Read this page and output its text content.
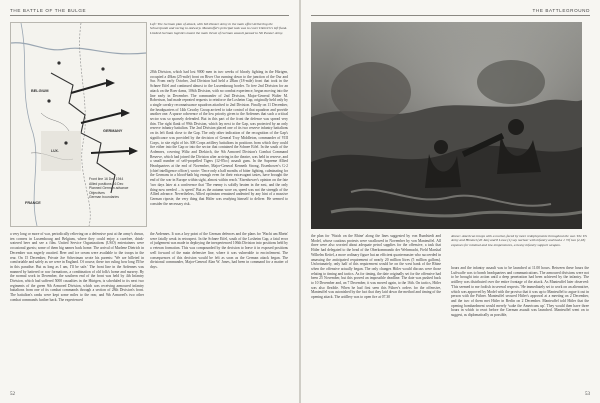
THE BATTLE OF THE BULGE
BELGIUM
GERMANY
LUX.
FRANCE
Front line 16 Dec 1944
Allied positions 16 Dec
Planned German advance
Objectives
German boundaries
Left: The German plan of attack, with 6th Panzer Army in the main effort delivering the Schwerpunkt and racing to Antwerp. Manteuffel's principal task was to cover Dietrich's left flank. Limited German logistics meant the main thrust of German assault passed to 5th Panzer Army.
28th Division, which had lost 9000 men in two weeks of bloody fighting in the Hürtgen, occupied a 40km (25-mile) front on River Our running down to the junction of the Our and Sur. From early October, 2nd Division had held a 28km (18-mile) front that took in the Schnee Eifel and continued almost to the Luxembourg border. To free 2nd Division for an attack on the Roer dams, 106th Division, with no combat experience, began moving into the line early in December. The commander of 2nd Division, Major-General Walter M. Robertson, had made repeated requests to reinforce the Losheim Gap, originally held only by a single cavalry reconnaissance squadron attached to 2nd Division. Finally on 11 December, the headquarters of 14th Cavalry Group arrived to take control of that squadron and provide another one. A sparse coherence of the low priority given to the Ardennes that such a critical sector was so sparsely defended. But in this part of the front the defence was spread very thin. The right flank of 99th Division, which lay next to the Gap, was protected by an only reserve infantry battalion. The 2nd Division placed one of its two reserve infantry battalions on its left flank close to the Gap. The only other indication of the recognition of the Gap's significance was provided by the decision of General Troy Middleton, commander of VIII Corps, to site eight of his 308 Corps artillery battalions in positions from which they could fire either into the Gap or into the sector that contained the Schnee Eifel. In the south of the Ardennes, covering Wiltz and Diekirch, the 9th Armored Division's Combat Command Reserve, which had joined the Division after arriving in the theatre, was held in reserve, and a small number of self-propelled Tigers (12-85cc) assault guns. In the Supreme Allied Headquarters at the end of November, Major-General Kenneth Strong, Eisenhower's G-2 (chief intelligence officer), wrote: 'Once only a half months of bitter fighting, culminating for the Germans in a blood-bath big enough even for their extravagant tastes, have brought the end of the war in Europe within sight, almost within reach.' Eisenhower's opinion on the fate 'two days later at a conference that 'The enemy is solidly beaten in the east, and the only thing now needed ... is speed.' But as the autumn wore on, speed was not the strength of the Allied advance. Nevertheless, Allied optimism remained undented by any hint of a massive German riposte, the very thing that Hitler was readying himself to deliver. He seemed to consider the necessary risk.
a very long or more of war, periodically relieving on a defensive post at the army's drawn, ten corners in Luxembourg and Belgium, where they could enjoy a carefree, drink-watered beer and see a film. United Service Organizations (USO) entertainers were occasional guests; some of them big names back home. The arrival of Marlene Dietrich in December was eagerly awaited. Beer and ice cream were available to the troops in the rear. On 15 December, Private Joe Schectman wrote his parents: 'We are billeted in comfortable and safely as we were in England. Of course, these two ruling how long I'll be in this paradise. But as long as I am, I'll be safe.' The front line in the Ardennes was manned by battered or raw formations, a combination of old folk's home and nursery. By the normal work in December, the southern end of the front was held by 4th Infantry Division, which had suffered 5000 casualties in the Hürtgen, is scheduled to its next two regiments of the green 9th Armored Division, which was receiving armoured infantry battalions from one of its combat commands through a section of 28th Division's front. The battalion's ranks were kept some miles to the rear, and 9th Armored's two other combat commands further back. The experienced
the Ardennes. It was a key point of the German defences and the plans for 'Wacht am Rhein' were fatally weak in retrospect. In the Schnee Eifel, south of the Losheim Gap, a fatal error of judgement was made in deploying the inexperienced 106th Division into positions held by a veteran formation. This was compounded by the decision to leave it in exposed positions well forward of the main defensive line, where it was vulnerable to encirclement. The consequences of this decision would be felt as soon as the German attack began. The divisional commander, Major-General Alan W. Jones, had been in command for a matter of days.
52
THE BATTLEGROUND
the plan for 'Watch on the Rhine' along the lines suggested by von Rundstedt and Model, whose cautious protests were swallowed in November by von Manteuffel. All three were also worried about adequate petrol supplies for the offensive, a task that Hitler had delegated to the head of the Oberkommando der Wehrmacht, Field Marshal Wilhelm Keitel, a more ordinary figure but an efficient quartermaster who succeeded in amassing the anticipated requirement of nearly 20 million litres (5 million gallons). Unfortunately, only half of this requirement would be on the west bank of the Rhine when the offensive actually began. The only changes Hitler would discuss were those relating to timing and tactics. As for timing, the date originally set for the offensive had been 25 November, but this proved an impossible deadline. The date was pushed back to 10 December and, on 7 December, it was moved again, to the 16th. On tactics, Hitler was also flexible. When he had first seen this Führer's orders for the offensive, Manteuffel was astonished by the fact that they laid down the method and timing of the opening attack. The artillery was to open fire at 07.30
Above: American troops with a mortar, faced by more redeployments throughout the war. The US Army and Himmel (26 Jan) and 8 Lowe (1) say nuclear with infantry and had a 1 'Of two (2,18) expenses for minimal and low temperatures, a heavy infantry support weapon.
hours and the infantry assault was to be launched at 11.00 hours. Between these hours the Luftwaffe was to bomb headquarters and communications. The armoured divisions were not to be brought into action until a deep penetration had been achieved by the infantry. The artillery was distributed over the entire frontage of the attack. As Manteuffel later observed: 'This seemed to me foolish in several respects.' He immediately set to work on an alternative, which was approved by Model with the proviso that it was up to Manteuffel to argue it out in person with the Führer. Manteuffel secured Hitler's approval at a meeting on 2 December, and the two of them met Hitler in Berlin on 2 December. Manteuffel told Hitler that the opening bombardment would merely 'wake the Americans up'. They would then have three hours in which to react before the German assault was launched. Manteuffel went on to suggest, as diplomatically as possible,
53
